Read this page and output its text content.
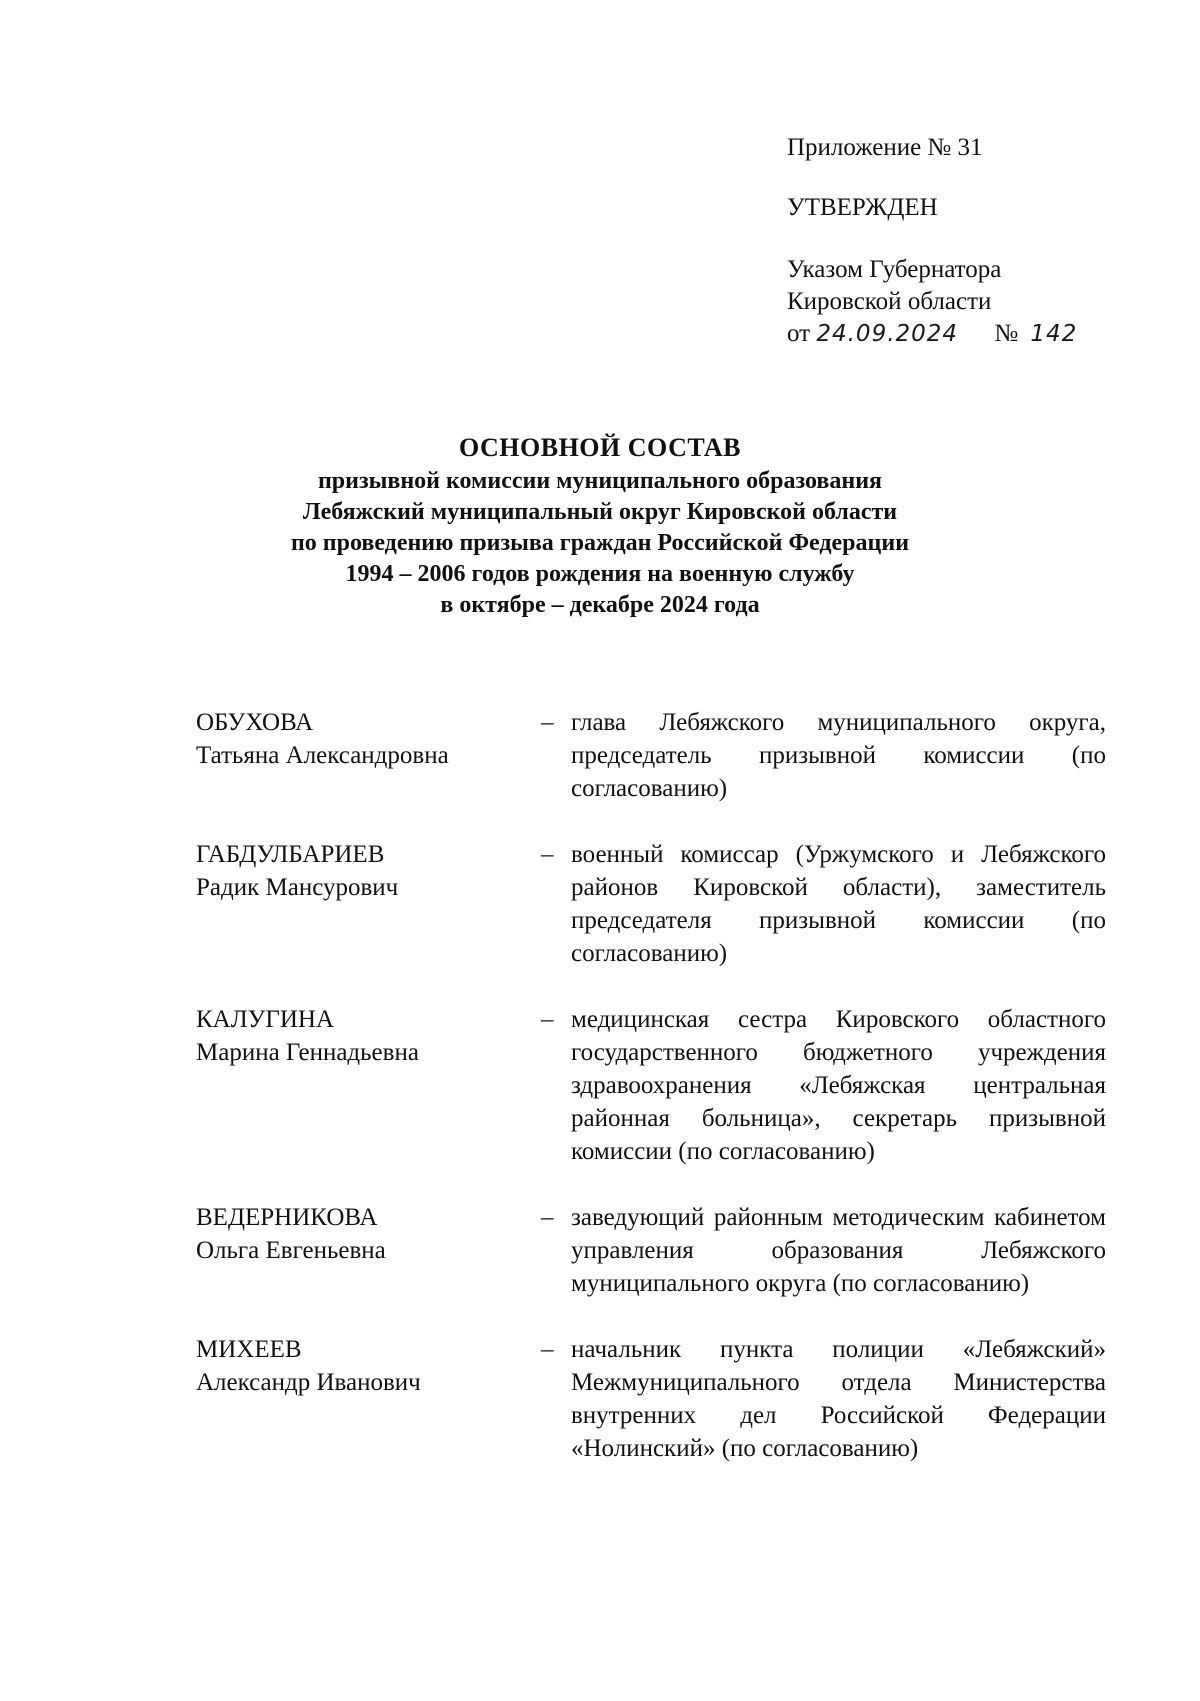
Приложение № 31
УТВЕРЖДЕН
Указом Губернатора
Кировской области
от 24.09.2024 № 142
ОСНОВНОЙ СОСТАВ
призывной комиссии муниципального образования
Лебяжский муниципальный округ Кировской области
по проведению призыва граждан Российской Федерации
1994 – 2006 годов рождения на военную службу
в октябре – декабре 2024 года
ОБУХОВА
Татьяна Александровна
– глава Лебяжского муниципального округа, председатель призывной комиссии (по согласованию)
ГАБДУЛБАРИЕВ
Радик Мансурович
– военный комиссар (Уржумского и Лебяжского районов Кировской области), заместитель председателя призывной комиссии (по согласованию)
КАЛУГИНА
Марина Геннадьевна
– медицинская сестра Кировского областного государственного бюджетного учреждения здравоохранения «Лебяжская центральная районная больница», секретарь призывной комиссии (по согласованию)
ВЕДЕРНИКОВА
Ольга Евгеньевна
– заведующий районным методическим кабинетом управления образования Лебяжского муниципального округа (по согласованию)
МИХЕЕВ
Александр Иванович
– начальник пункта полиции «Лебяжский» Межмуниципального отдела Министерства внутренних дел Российской Федерации «Нолинский» (по согласованию)
